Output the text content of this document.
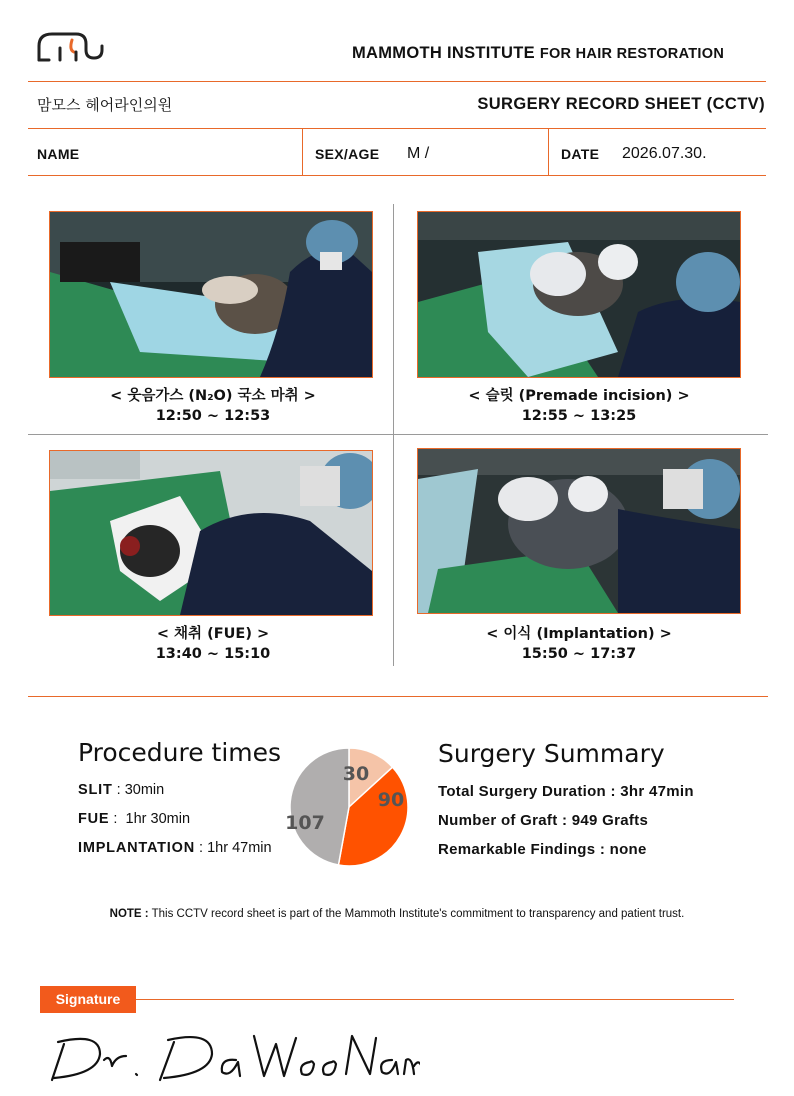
MAMMOTH INSTITUTE FOR HAIR RESTORATION
맘모스 헤어라인의원	SURGERY RECORD SHEET (CCTV)
NAME	SEX/AGE M /	DATE 2026.07.30.
< 웃음가스 (N₂O) 국소 마취 >
12:50 ~ 12:53
< 슬릿 (Premade incision) >
12:55 ~ 13:25
< 채취 (FUE) >
13:40 ~ 15:10
< 이식 (Implantation) >
15:50 ~ 17:37
Procedure times
SLIT : 30min
FUE :  1hr 30min
IMPLANTATION : 1hr 47min
30
90
107
Surgery Summary
Total Surgery Duration : 3hr 47min
Number of Graft : 949 Grafts
Remarkable Findings : none
NOTE : This CCTV record sheet is part of the Mammoth Institute's commitment to transparency and patient trust.
Signature
